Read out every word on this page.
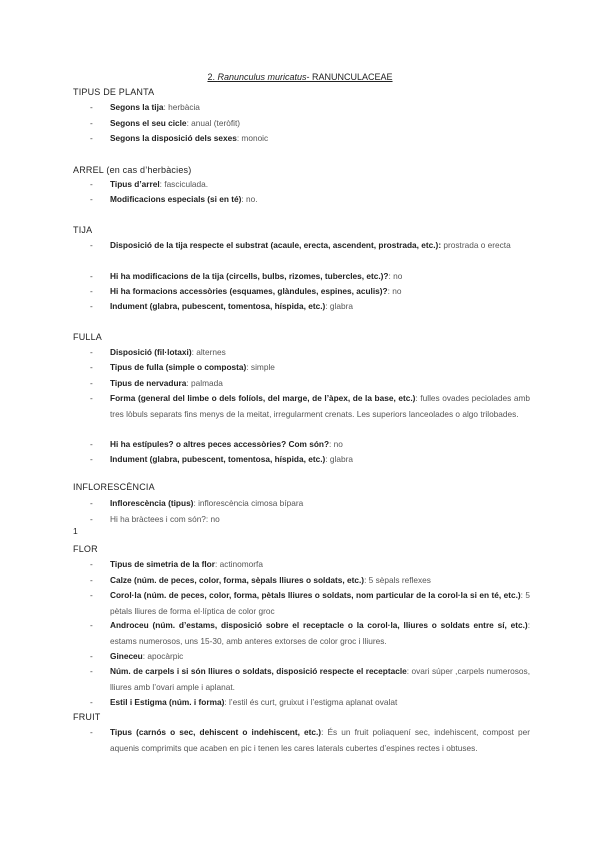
2. Ranunculus muricatus- RANUNCULACEAE
TIPUS DE PLANTA
- Segons la tija: herbàcia
- Segons el seu cicle: anual (teròfit)
- Segons la disposició dels sexes: monoic
ARREL (en cas d’herbàcies)
- Tipus d’arrel: fasciculada.
- Modificacions especials (si en té): no.
TIJA
- Disposició de la tija respecte el substrat (acaule, erecta, ascendent, prostrada, etc.): prostrada o erecta
- Hi ha modificacions de la tija (circells, bulbs, rizomes, tubercles, etc.)?: no
- Hi ha formacions accessòries (esquames, glàndules, espines, aculis)?: no
- Indument (glabra, pubescent, tomentosa, híspida, etc.): glabra
FULLA
- Disposició (fil·lotaxi): alternes
- Tipus de fulla (simple o composta): simple
- Tipus de nervadura: palmada
- Forma (general del limbe o dels folíols, del marge, de l’àpex, de la base, etc.): fulles ovades peciolades amb tres lòbuls separats fins menys de la meitat, irregularment crenats. Les superiors lanceolades o algo trilobades.
- Hi ha estípules? o altres peces accessòries? Com són?: no
- Indument (glabra, pubescent, tomentosa, híspida, etc.): glabra
INFLORESCÈNCIA
- Inflorescència (tipus): inflorescència cimosa bípara
- Hi ha bràctees i com són?: no
1
FLOR
- Tipus de simetria de la flor: actinomorfa
- Calze (núm. de peces, color, forma, sèpals lliures o soldats, etc.): 5 sèpals reflexes
- Corol·la (núm. de peces, color, forma, pètals lliures o soldats, nom particular de la corol·la si en té, etc.): 5 pètals lliures de forma el·líptica de color groc
- Androceu (núm. d’estams, disposició sobre el receptacle o la corol·la, lliures o soldats entre sí, etc.): estams numerosos, uns 15-30, amb anteres extorses de color groc i lliures.
- Gineceu: apocàrpic
- Núm. de carpels i si són lliures o soldats, disposició respecte el receptacle: ovari súper ,carpels numerosos, lliures amb l’ovari ample i aplanat.
- Estil i Estigma (núm. i forma): l’estil és curt, gruixut i l’estigma aplanat ovalat
FRUIT
- Tipus (carnós o sec, dehiscent o indehiscent, etc.): És un fruit poliaquení sec, indehiscent, compost per aquenis comprimits que acaben en pic i tenen les cares laterals cubertes d’espines rectes i obtuses.
